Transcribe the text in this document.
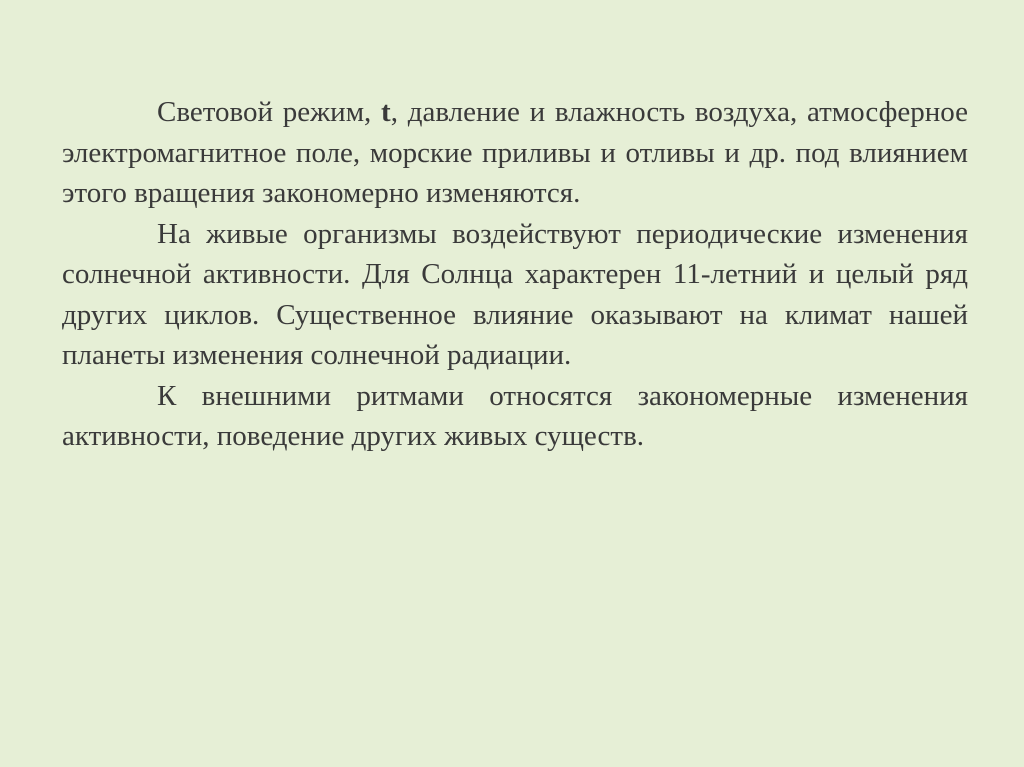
Световой режим, t, давление и влажность воздуха, атмосферное электромагнитное поле, морские приливы и отливы и др. под влиянием этого вращения закономерно изменяются.

На живые организмы воздействуют периодические изменения солнечной активности. Для Солнца характерен 11-летний и целый ряд других циклов. Существенное влияние оказывают на климат нашей планеты изменения солнечной радиации.

К внешними ритмами относятся закономерные изменения активности, поведение других живых существ.
